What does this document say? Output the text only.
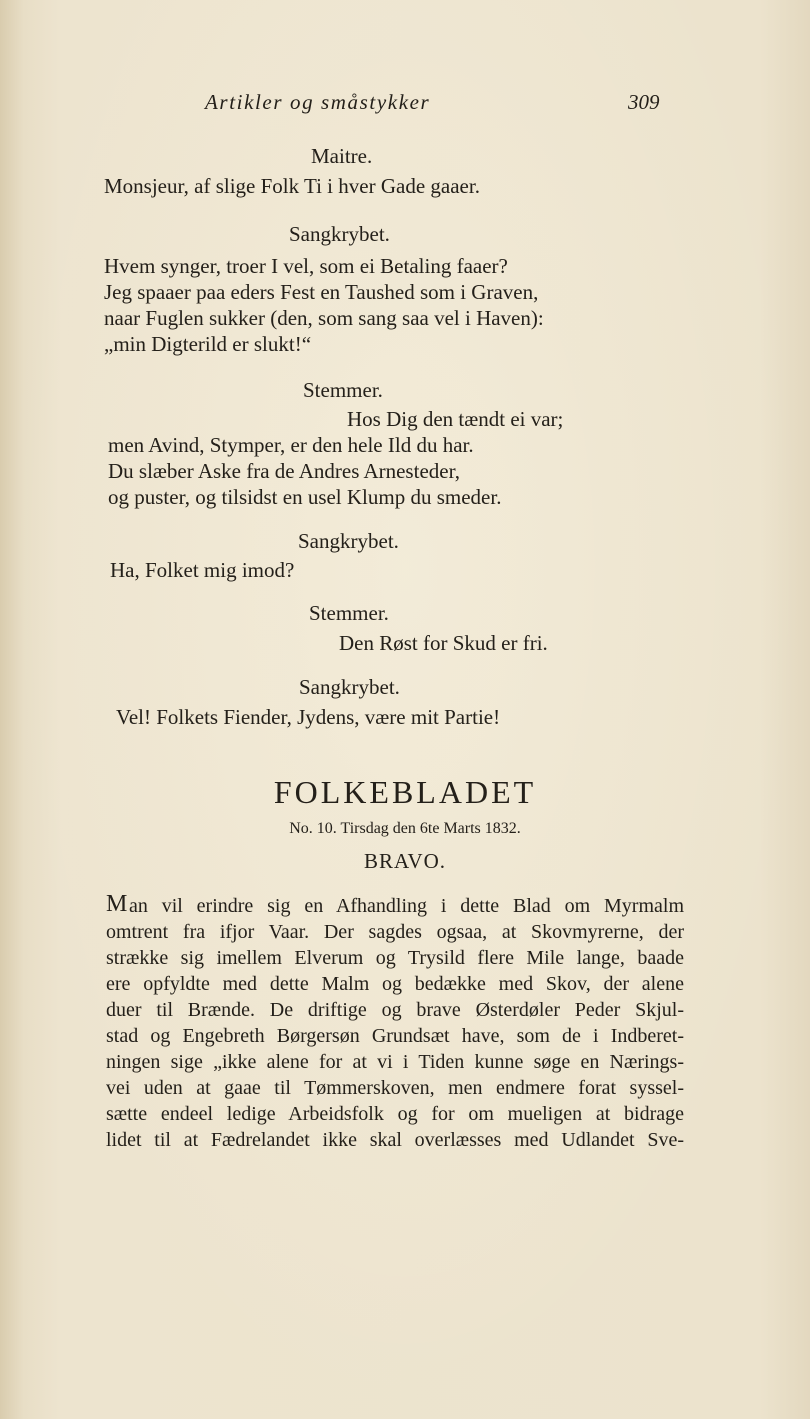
Artikler og småstykker	309
Maitre.
Monsjeur, af slige Folk Ti i hver Gade gaaer.
Sangkrybet.
Hvem synger, troer I vel, som ei Betaling faaer?
Jeg spaaer paa eders Fest en Taushed som i Graven,
naar Fuglen sukker (den, som sang saa vel i Haven):
„min Digterild er slukt!“
Stemmer.
Hos Dig den tændt ei var;
men Avind, Stymper, er den hele Ild du har.
Du slæber Aske fra de Andres Arnesteder,
og puster, og tilsidst en usel Klump du smeder.
Sangkrybet.
Ha, Folket mig imod?
Stemmer.
Den Røst for Skud er fri.
Sangkrybet.
Vel! Folkets Fiender, Jydens, være mit Partie!
FOLKEBLADET
No. 10. Tirsdag den 6te Marts 1832.
BRAVO.
M an vil erindre sig en Afhandling i dette Blad om Myrmalm
omtrent fra ifjor Vaar. Der sagdes ogsaa, at Skovmyrerne, der
strække sig imellem Elverum og Trysild flere Mile lange, baade
ere opfyldte med dette Malm og bedække med Skov, der alene
duer til Brænde. De driftige og brave Østerdøler Peder Skjul-
stad og Engebreth Børgersøn Grundsæt have, som de i Indberet-
ningen sige „ikke alene for at vi i Tiden kunne søge en Nærings-
vei uden at gaae til Tømmerskoven, men endmere forat syssel-
sætte endeel ledige Arbeidsfolk og for om mueligen at bidrage
lidet til at Fædrelandet ikke skal overlæsses med Udlandet Sve-
